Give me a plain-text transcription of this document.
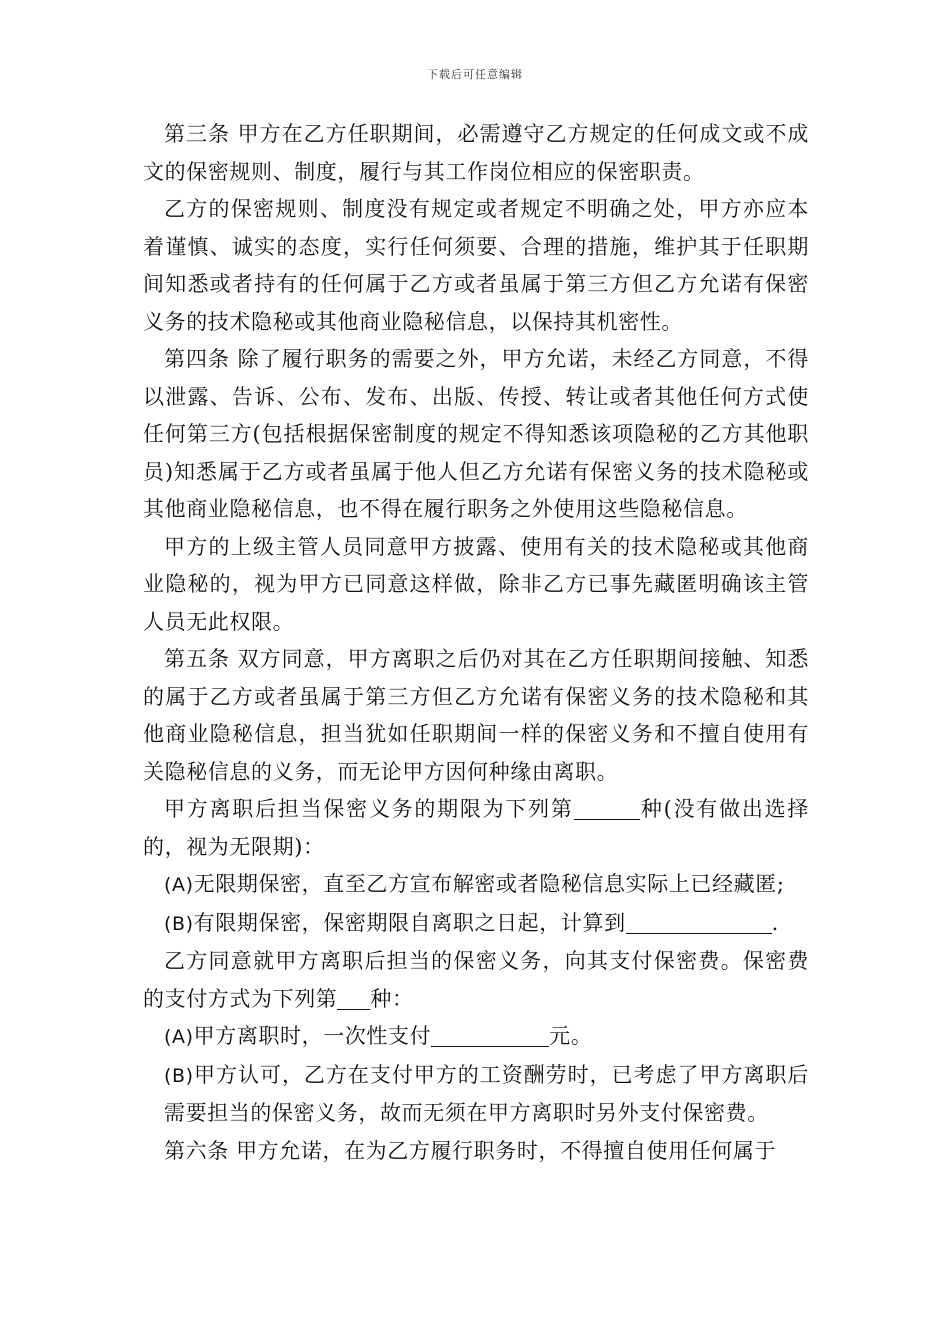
下载后可任意编辑

第三条 甲方在乙方任职期间，必需遵守乙方规定的任何成文或不成文的保密规则、制度，履行与其工作岗位相应的保密职责。

乙方的保密规则、制度没有规定或者规定不明确之处，甲方亦应本着谨慎、诚实的态度，实行任何须要、合理的措施，维护其于任职期间知悉或者持有的任何属于乙方或者虽属于第三方但乙方允诺有保密义务的技术隐秘或其他商业隐秘信息，以保持其机密性。

第四条 除了履行职务的需要之外，甲方允诺，未经乙方同意，不得以泄露、告诉、公布、发布、出版、传授、转让或者其他任何方式使任何第三方(包括根据保密制度的规定不得知悉该项隐秘的乙方其他职员)知悉属于乙方或者虽属于他人但乙方允诺有保密义务的技术隐秘或其他商业隐秘信息，也不得在履行职务之外使用这些隐秘信息。

甲方的上级主管人员同意甲方披露、使用有关的技术隐秘或其他商业隐秘的，视为甲方已同意这样做，除非乙方已事先藏匿明确该主管人员无此权限。

第五条 双方同意，甲方离职之后仍对其在乙方任职期间接触、知悉的属于乙方或者虽属于第三方但乙方允诺有保密义务的技术隐秘和其他商业隐秘信息，担当犹如任职期间一样的保密义务和不擅自使用有关隐秘信息的义务，而无论甲方因何种缘由离职。

甲方离职后担当保密义务的期限为下列第	种(没有做出选择的，视为无限期)：

(A)无限期保密，直至乙方宣布解密或者隐秘信息实际上已经藏匿;

(B)有限期保密，保密期限自离职之日起，计算到	.

乙方同意就甲方离职后担当的保密义务，向其支付保密费。保密费的支付方式为下列第 种：

(A)甲方离职时，一次性支付	元。

(B)甲方认可，乙方在支付甲方的工资酬劳时，已考虑了甲方离职后需要担当的保密义务，故而无须在甲方离职时另外支付保密费。

第六条 甲方允诺，在为乙方履行职务时，不得擅自使用任何属于
